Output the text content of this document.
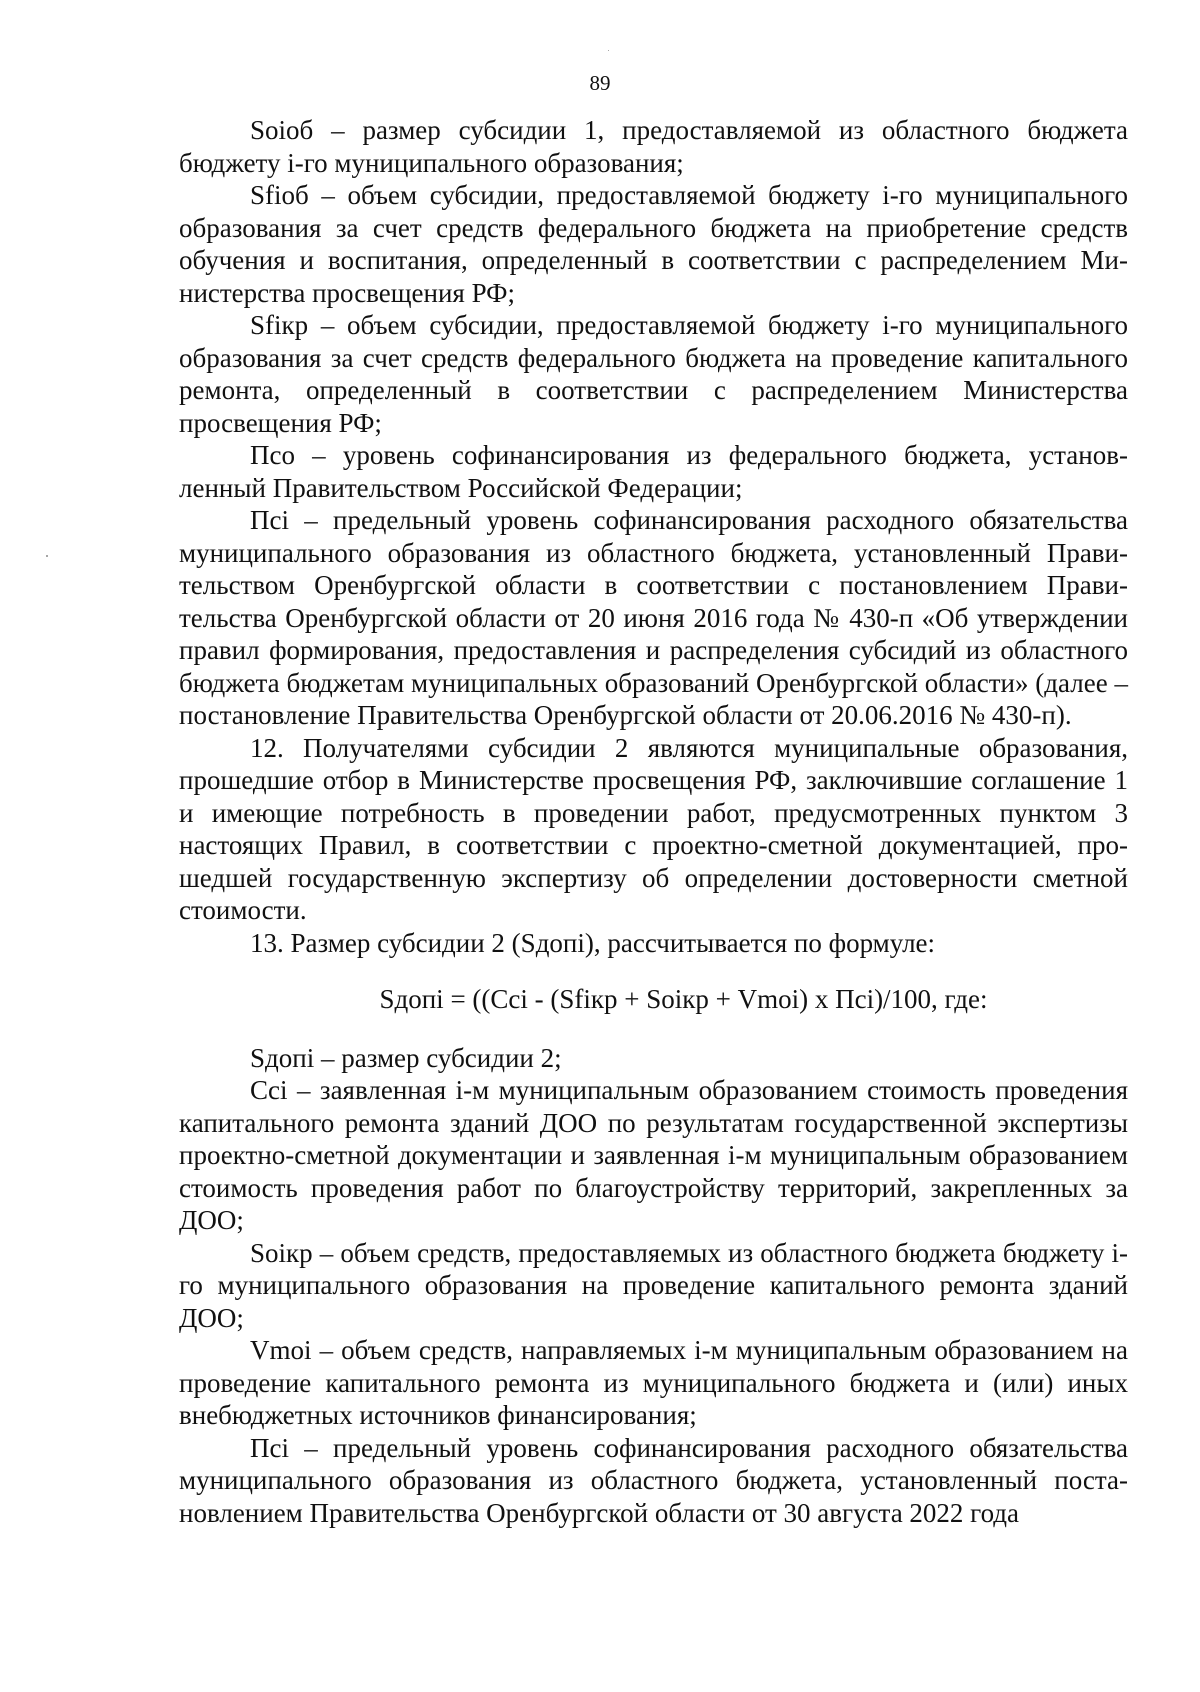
89

Soiоб – размер субсидии 1, предоставляемой из областного бюджета бюджету i-го муниципального образования;

Sfiоб – объем субсидии, предоставляемой бюджету i-го муниципального образования за счет средств федерального бюджета на приобретение средств обучения и воспитания, определенный в соответствии с распределением Министерства просвещения РФ;

Sfiкр – объем субсидии, предоставляемой бюджету i-го муниципального образования за счет средств федерального бюджета на проведение капитального ремонта, определенный в соответствии с распределением Министерства просвещения РФ;

Псо – уровень софинансирования из федерального бюджета, установленный Правительством Российской Федерации;

Псi – предельный уровень софинансирования расходного обязательства муниципального образования из областного бюджета, установленный Правительством Оренбургской области в соответствии с постановлением Правительства Оренбургской области от 20 июня 2016 года № 430-п «Об утверждении правил формирования, предоставления и распределения субсидий из областного бюджета бюджетам муниципальных образований Оренбургской области» (далее – постановление Правительства Оренбургской области от 20.06.2016 № 430-п).

12. Получателями субсидии 2 являются муниципальные образования, прошедшие отбор в Министерстве просвещения РФ, заключившие соглашение 1 и имеющие потребность в проведении работ, предусмотренных пунктом 3 настоящих Правил, в соответствии с проектно-сметной документацией, прошедшей государственную экспертизу об определении достоверности сметной стоимости.

13. Размер субсидии 2 (Sдопi), рассчитывается по формуле:

Sдопi = ((Cci - (Sfiкр + Soiкр + Vmoi) x Псi)/100, где:

Sдопi – размер субсидии 2;

Cci – заявленная i-м муниципальным образованием стоимость проведения капитального ремонта зданий ДОО по результатам государственной экспертизы проектно-сметной документации и заявленная i-м муниципальным образованием стоимость проведения работ по благоустройству территорий, закрепленных за ДОО;

Soiкр – объем средств, предоставляемых из областного бюджета бюджету i-го муниципального образования на проведение капитального ремонта зданий ДОО;

Vmoi – объем средств, направляемых i-м муниципальным образованием на проведение капитального ремонта из муниципального бюджета и (или) иных внебюджетных источников финансирования;

Псi – предельный уровень софинансирования расходного обязательства муниципального образования из областного бюджета, установленный постановлением Правительства Оренбургской области от 30 августа 2022 года
